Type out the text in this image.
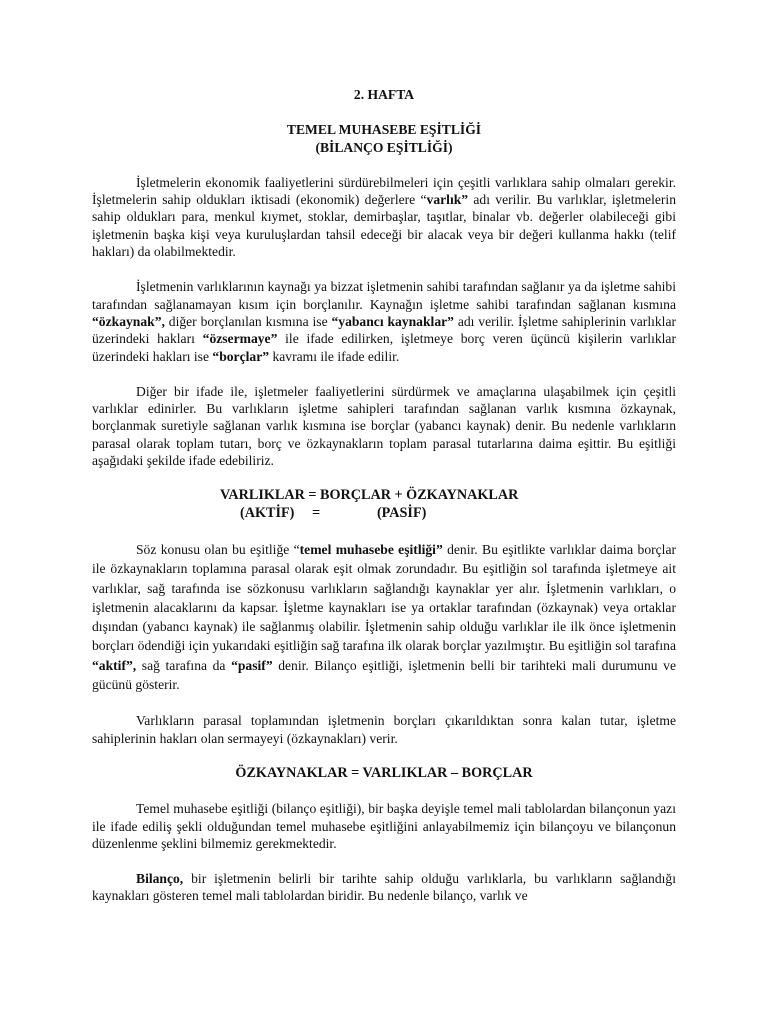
2. HAFTA

TEMEL MUHASEBE EŞİTLİĞİ

(BİLANÇO EŞİTLİĞİ)

İşletmelerin ekonomik faaliyetlerini sürdürebilmeleri için çeşitli varlıklara sahip olmaları gerekir. İşletmelerin sahip oldukları iktisadi (ekonomik) değerlere “varlık” adı verilir. Bu varlıklar, işletmelerin sahip oldukları para, menkul kıymet, stoklar, demirbaşlar, taşıtlar, binalar vb. değerler olabileceği gibi işletmenin başka kişi veya kuruluşlardan tahsil edeceği bir alacak veya bir değeri kullanma hakkı (telif hakları) da olabilmektedir.

İşletmenin varlıklarının kaynağı ya bizzat işletmenin sahibi tarafından sağlanır ya da işletme sahibi tarafından sağlanamayan kısım için borçlanılır. Kaynağın işletme sahibi tarafından sağlanan kısmına “özkaynak”, diğer borçlanılan kısmına ise “yabancı kaynaklar” adı verilir. İşletme sahiplerinin varlıklar üzerindeki hakları “özsermaye” ile ifade edilirken, işletmeye borç veren üçüncü kişilerin varlıklar üzerindeki hakları ise “borçlar” kavramı ile ifade edilir.

Diğer bir ifade ile, işletmeler faaliyetlerini sürdürmek ve amaçlarına ulaşabilmek için çeşitli varlıklar edinirler. Bu varlıkların işletme sahipleri tarafından sağlanan varlık kısmına özkaynak, borçlanmak suretiyle sağlanan varlık kısmına ise borçlar (yabancı kaynak) denir. Bu nedenle varlıkların parasal olarak toplam tutarı, borç ve özkaynakların toplam parasal tutarlarına daima eşittir. Bu eşitliği aşağıdaki şekilde ifade edebiliriz.

VARLIKLAR = BORÇLAR + ÖZKAYNAKLAR

(AKTİF)     =                (PASİF)

Söz konusu olan bu eşitliğe “temel muhasebe eşitliği” denir. Bu eşitlikte varlıklar daima borçlar ile özkaynakların toplamına parasal olarak eşit olmak zorundadır. Bu eşitliğin sol tarafında işletmeye ait varlıklar, sağ tarafında ise sözkonusu varlıkların sağlandığı kaynaklar yer alır. İşletmenin varlıkları, o işletmenin alacaklarını da kapsar. İşletme kaynakları ise ya ortaklar tarafından (özkaynak) veya ortaklar dışından (yabancı kaynak) ile sağlanmış olabilir. İşletmenin sahip olduğu varlıklar ile ilk önce işletmenin borçları ödendiği için yukarıdaki eşitliğin sağ tarafına ilk olarak borçlar yazılmıştır. Bu eşitliğin sol tarafına “aktif”, sağ tarafına da “pasif” denir. Bilanço eşitliği, işletmenin belli bir tarihteki mali durumunu ve gücünü gösterir.

Varlıkların parasal toplamından işletmenin borçları çıkarıldıktan sonra kalan tutar, işletme sahiplerinin hakları olan sermayeyi (özkaynakları) verir.

ÖZKAYNAKLAR = VARLIKLAR – BORÇLAR

Temel muhasebe eşitliği (bilanço eşitliği), bir başka deyişle temel mali tablolardan bilançonun yazı ile ifade ediliş şekli olduğundan temel muhasebe eşitliğini anlayabilmemiz için bilançoyu ve bilançonun düzenlenme şeklini bilmemiz gerekmektedir.

Bilanço, bir işletmenin belirli bir tarihte sahip olduğu varlıklarla, bu varlıkların sağlandığı kaynakları gösteren temel mali tablolardan biridir. Bu nedenle bilanço, varlık ve
